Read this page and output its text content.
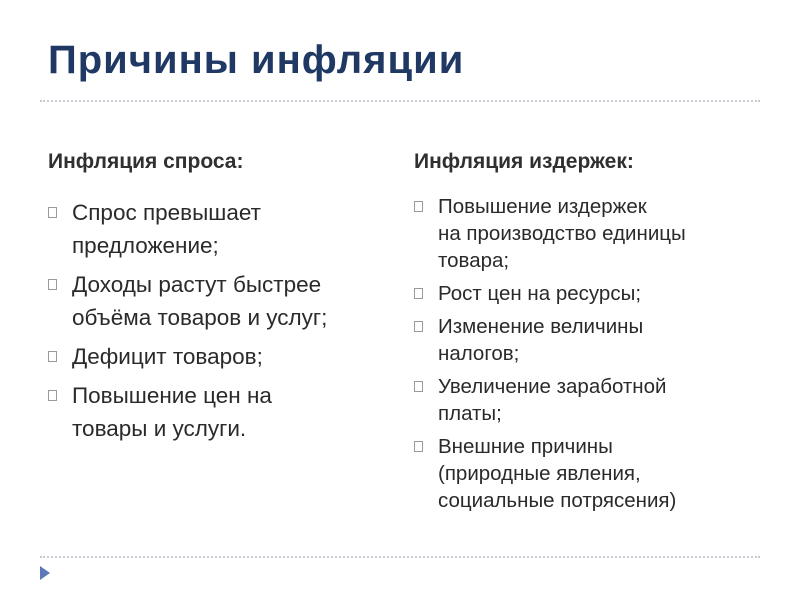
Причины инфляции
Инфляция спроса:
Спрос превышает
предложение;
Доходы растут быстрее
объёма товаров и услуг;
Дефицит товаров;
Повышение цен на
товары и услуги.
Инфляция издержек:
Повышение издержек
на производство единицы
товара;
Рост цен на ресурсы;
Изменение величины
налогов;
Увеличение заработной
платы;
Внешние причины
(природные явления,
социальные потрясения)
